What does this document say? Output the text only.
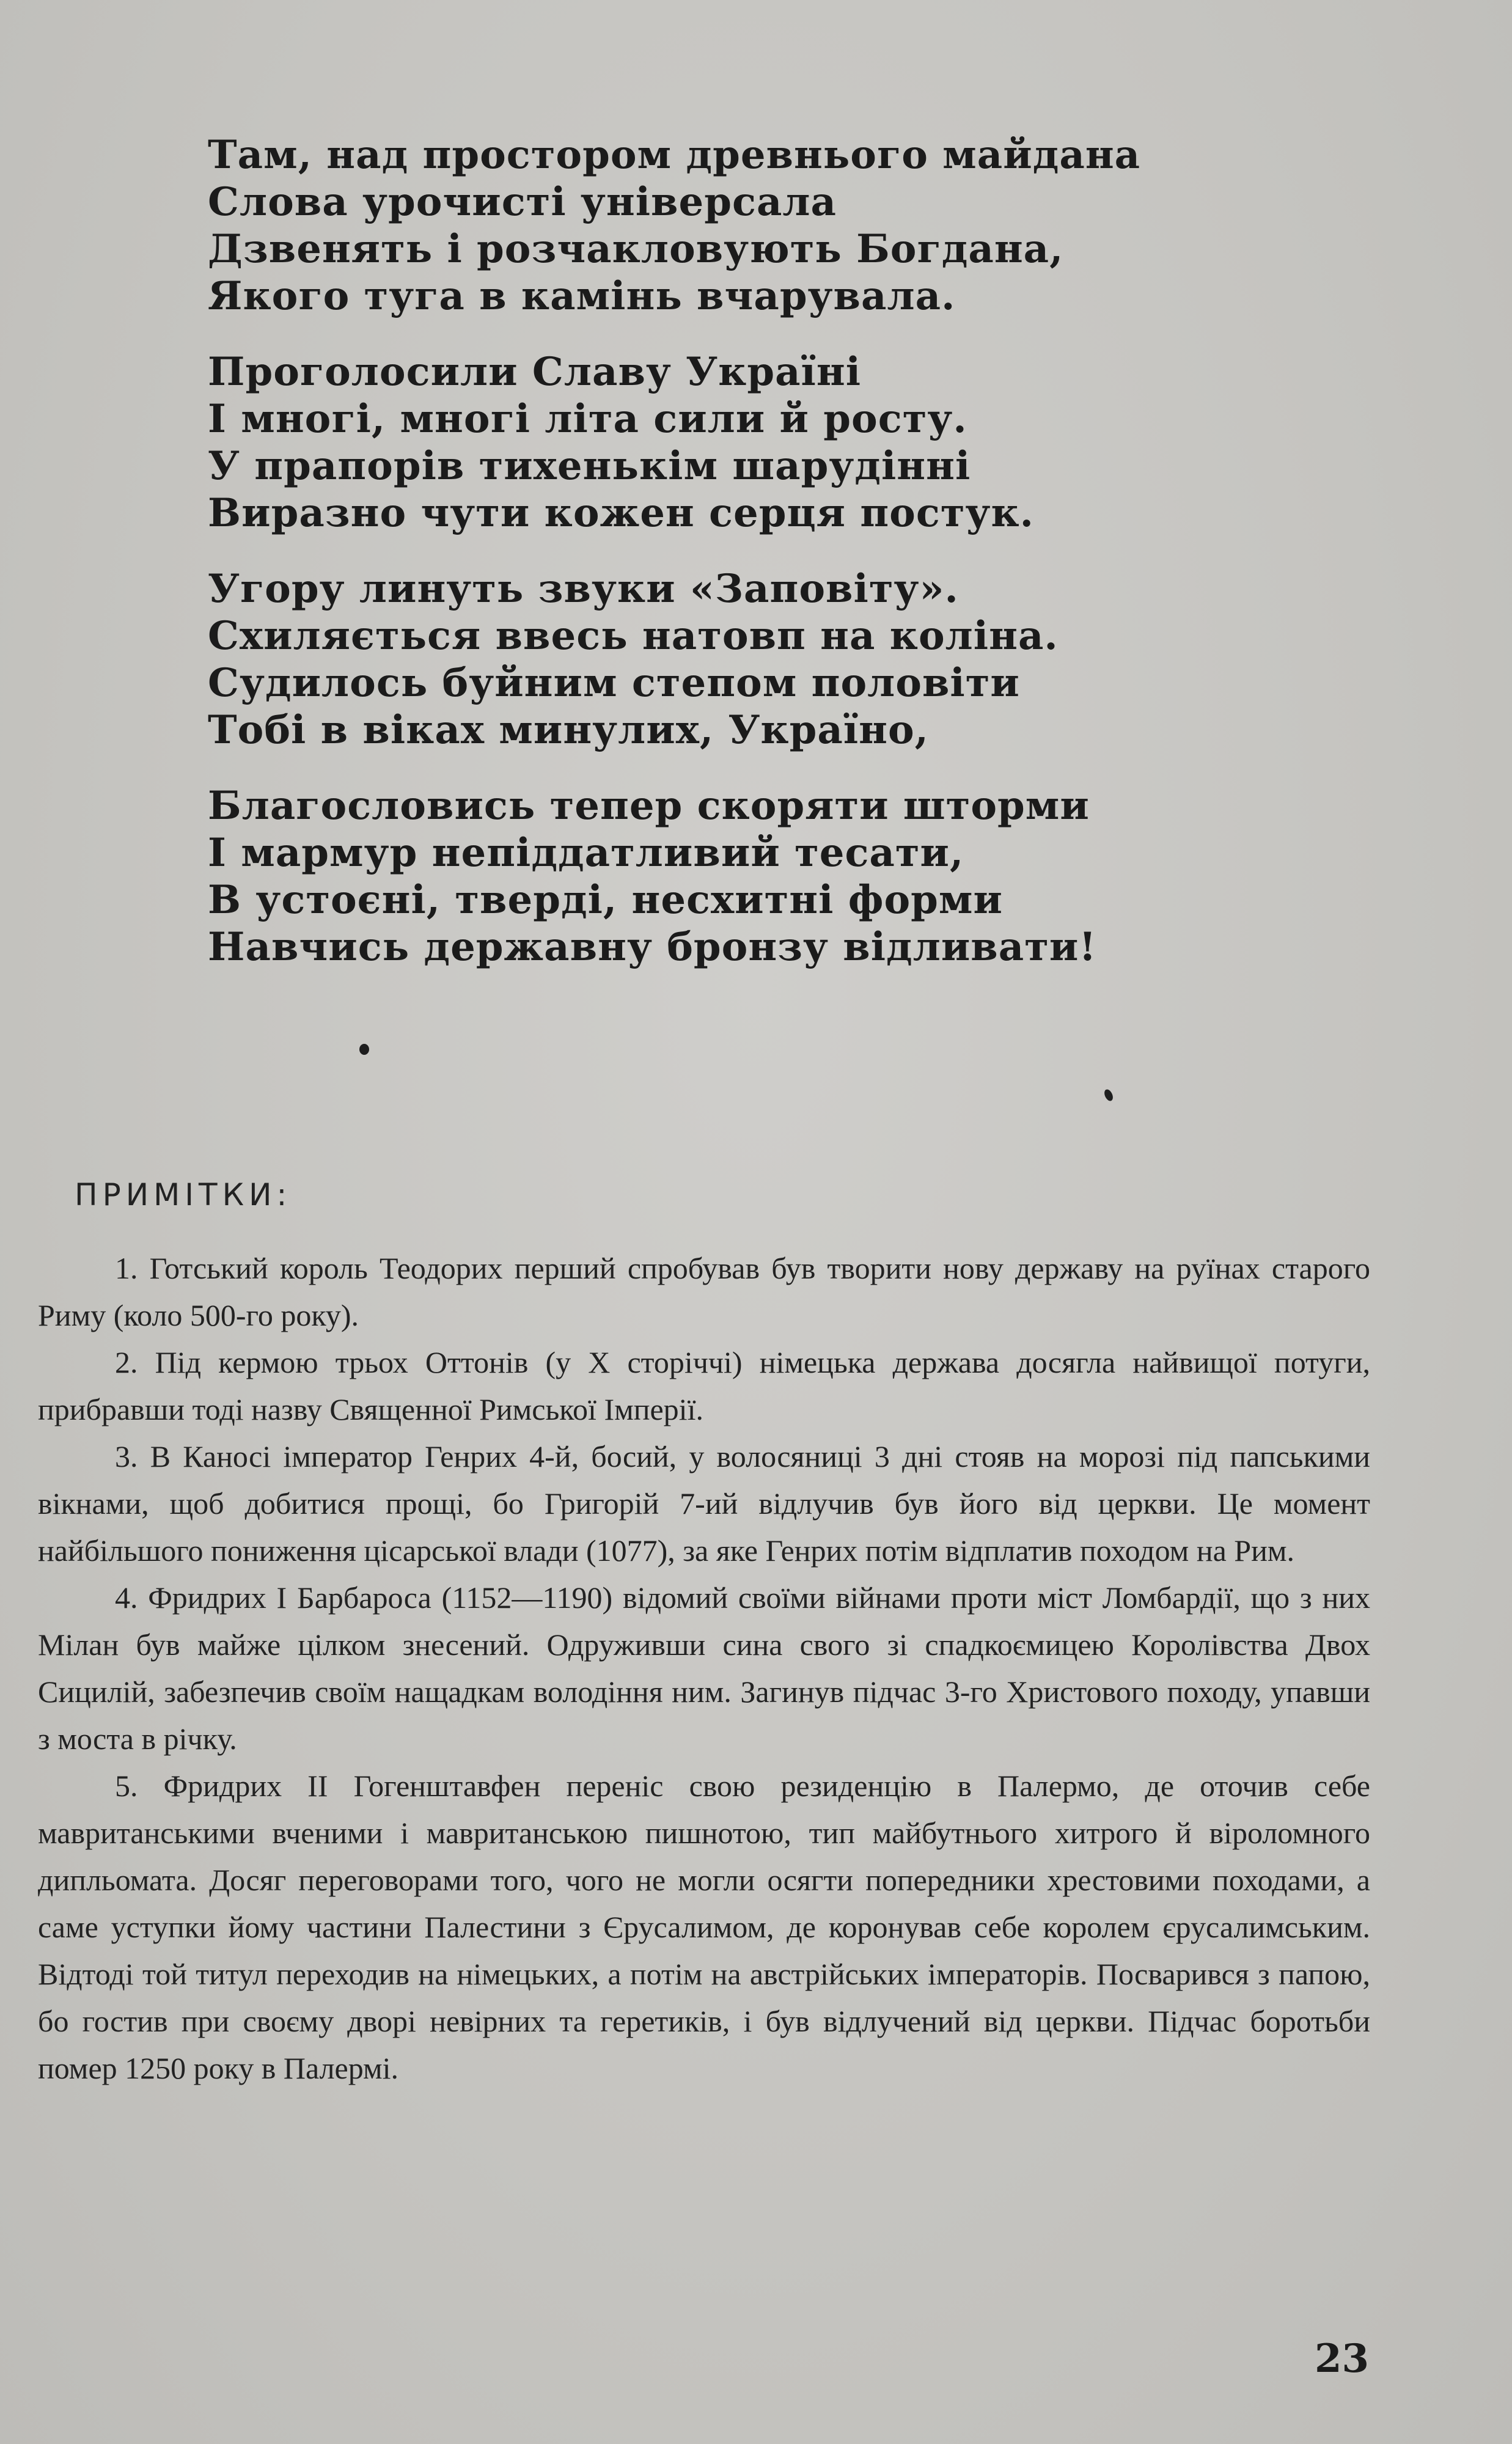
Там, над простором древнього майдана
Слова урочисті універсала
Дзвенять і розчакловують Богдана,
Якого туга в камінь вчарувала.
Проголосили Славу Україні
І многі, многі літа сили й росту.
У прапорів тихенькім шарудінні
Виразно чути кожен серця постук.
Угору линуть звуки «Заповіту».
Схиляється ввесь натовп на коліна.
Судилось буйним степом половіти
Тобі в віках минулих, Україно,
Благословись тепер скоряти шторми
І мармур непіддатливий тесати,
В устоєні, тверді, несхитні форми
Навчись державну бронзу відливати!
ПРИМІТКИ:

1. Готський король Теодорих перший спробував був творити нову державу на руїнах старого Риму (коло 500-го року).

2. Під кермою трьох Оттонів (у X сторіччі) німецька держава досягла найвищої потуги, прибравши тоді назву Священної Римської Імперії.

3. В Каносі імператор Генрих 4-й, босий, у волосяниці 3 дні стояв на морозі під папськими вікнами, щоб добитися прощі, бо Григорій 7-ий відлучив був його від церкви. Це момент найбільшого пониження цісарської влади (1077), за яке Генрих потім відплатив походом на Рим.

4. Фридрих І Барбароса (1152—1190) відомий своїми війнами проти міст Ломбардії, що з них Мілан був майже цілком знесений. Одруживши сина свого зі спадкоємицею Королівства Двох Сицилій, забезпечив своїм нащадкам володіння ним. Загинув підчас 3-го Христового походу, упавши з моста в річку.

5. Фридрих II Гогенштавфен переніс свою резиденцію в Палермо, де оточив себе мавританськими вченими і мавританською пишнотою, тип майбутнього хитрого й віроломного дипльомата. Досяг переговорами того, чого не могли осягти попередники хрестовими походами, а саме уступки йому частини Палестини з Єрусалимом, де коронував себе королем єрусалимським. Відтоді той титул переходив на німецьких, а потім на австрійських імператорів. Посварився з папою, бо гостив при своєму дворі невірних та геретиків, і був відлучений від церкви. Підчас боротьби помер 1250 року в Палермі.

23
